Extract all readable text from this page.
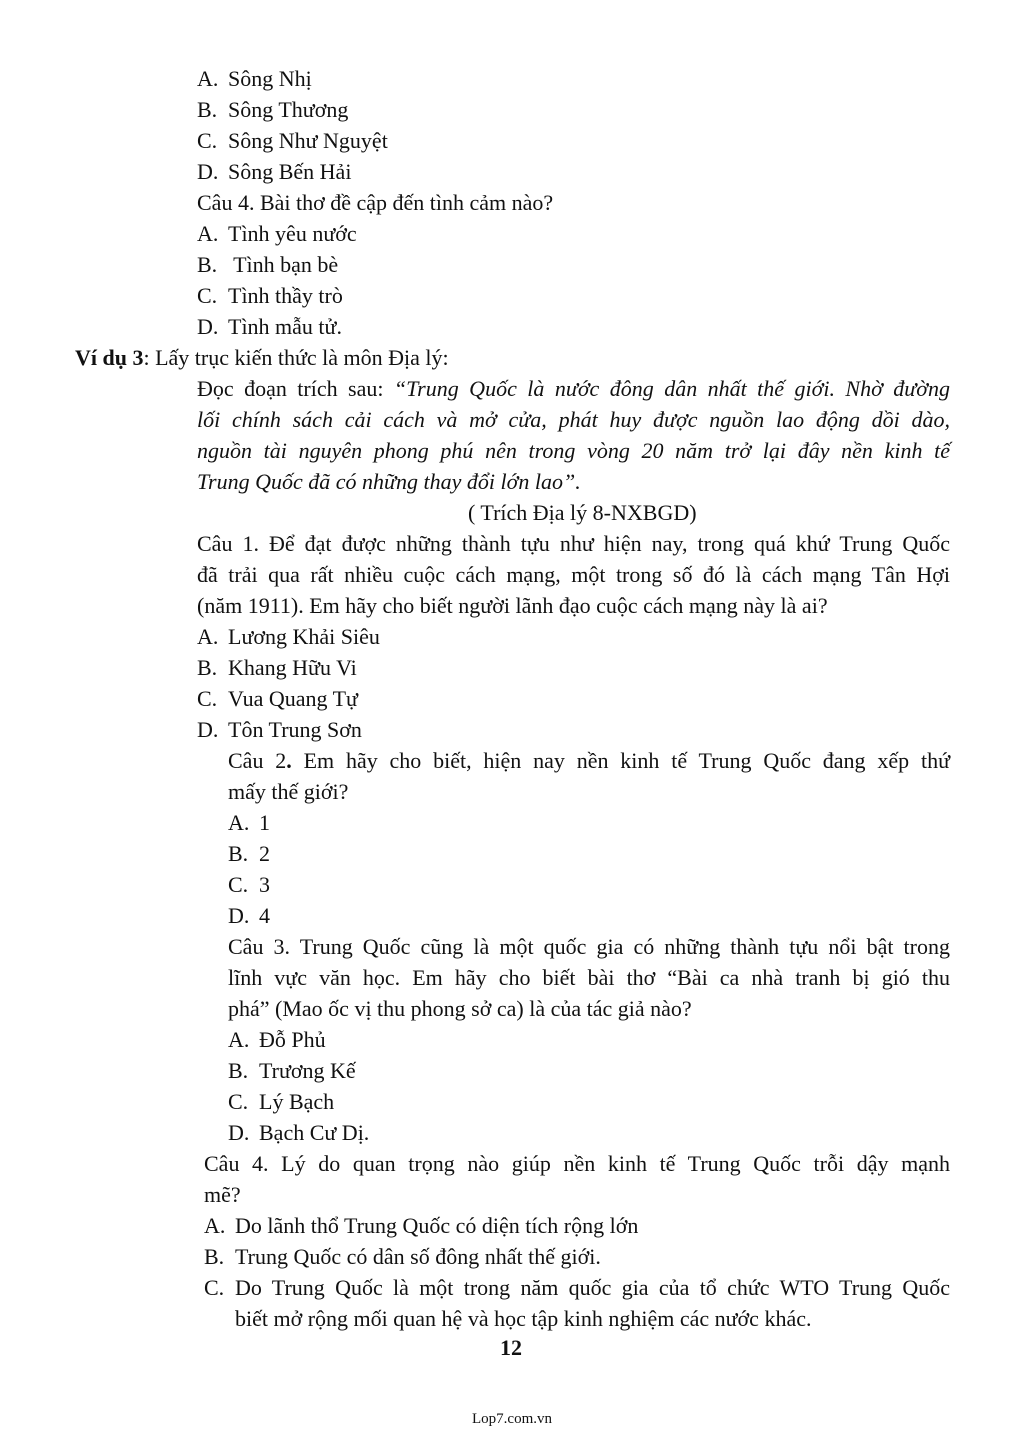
A. Sông Nhị
B. Sông Thương
C. Sông Như Nguyệt
D. Sông Bến Hải
Câu 4. Bài thơ đề cập đến tình cảm nào?
A. Tình yêu nước
B. Tình bạn bè
C. Tình thầy trò
D. Tình mẫu tử.
Ví dụ 3: Lấy trục kiến thức là môn Địa lý:
Đọc đoạn trích sau: “Trung Quốc là nước đông dân nhất thế giới. Nhờ đường
lối chính sách cải cách và mở cửa, phát huy được nguồn lao động dồi dào,
nguồn tài nguyên phong phú nên trong vòng 20 năm trở lại đây nền kinh tế
Trung Quốc đã có những thay đổi lớn lao”.
( Trích Địa lý 8-NXBGD)
Câu 1. Để đạt được những thành tựu như hiện nay, trong quá khứ Trung Quốc
đã trải qua rất nhiều cuộc cách mạng, một trong số đó là cách mạng Tân Hợi
(năm 1911). Em hãy cho biết người lãnh đạo cuộc cách mạng này là ai?
A. Lương Khải Siêu
B. Khang Hữu Vi
C. Vua Quang Tự
D. Tôn Trung Sơn
Câu 2. Em hãy cho biết, hiện nay nền kinh tế Trung Quốc đang xếp thứ
mấy thế giới?
A. 1
B. 2
C. 3
D. 4
Câu 3. Trung Quốc cũng là một quốc gia có những thành tựu nổi bật trong
lĩnh vực văn học. Em hãy cho biết bài thơ “Bài ca nhà tranh bị gió thu
phá” (Mao ốc vị thu phong sở ca) là của tác giả nào?
A. Đỗ Phủ
B. Trương Kế
C. Lý Bạch
D. Bạch Cư Dị.
Câu 4. Lý do quan trọng nào giúp nền kinh tế Trung Quốc trỗi dậy mạnh
mẽ?
A. Do lãnh thổ Trung Quốc có diện tích rộng lớn
B. Trung Quốc có dân số đông nhất thế giới.
C. Do Trung Quốc là một trong năm quốc gia của tổ chức WTO Trung Quốc
biết mở rộng mối quan hệ và học tập kinh nghiệm các nước khác.
12
Lop7.com.vn
